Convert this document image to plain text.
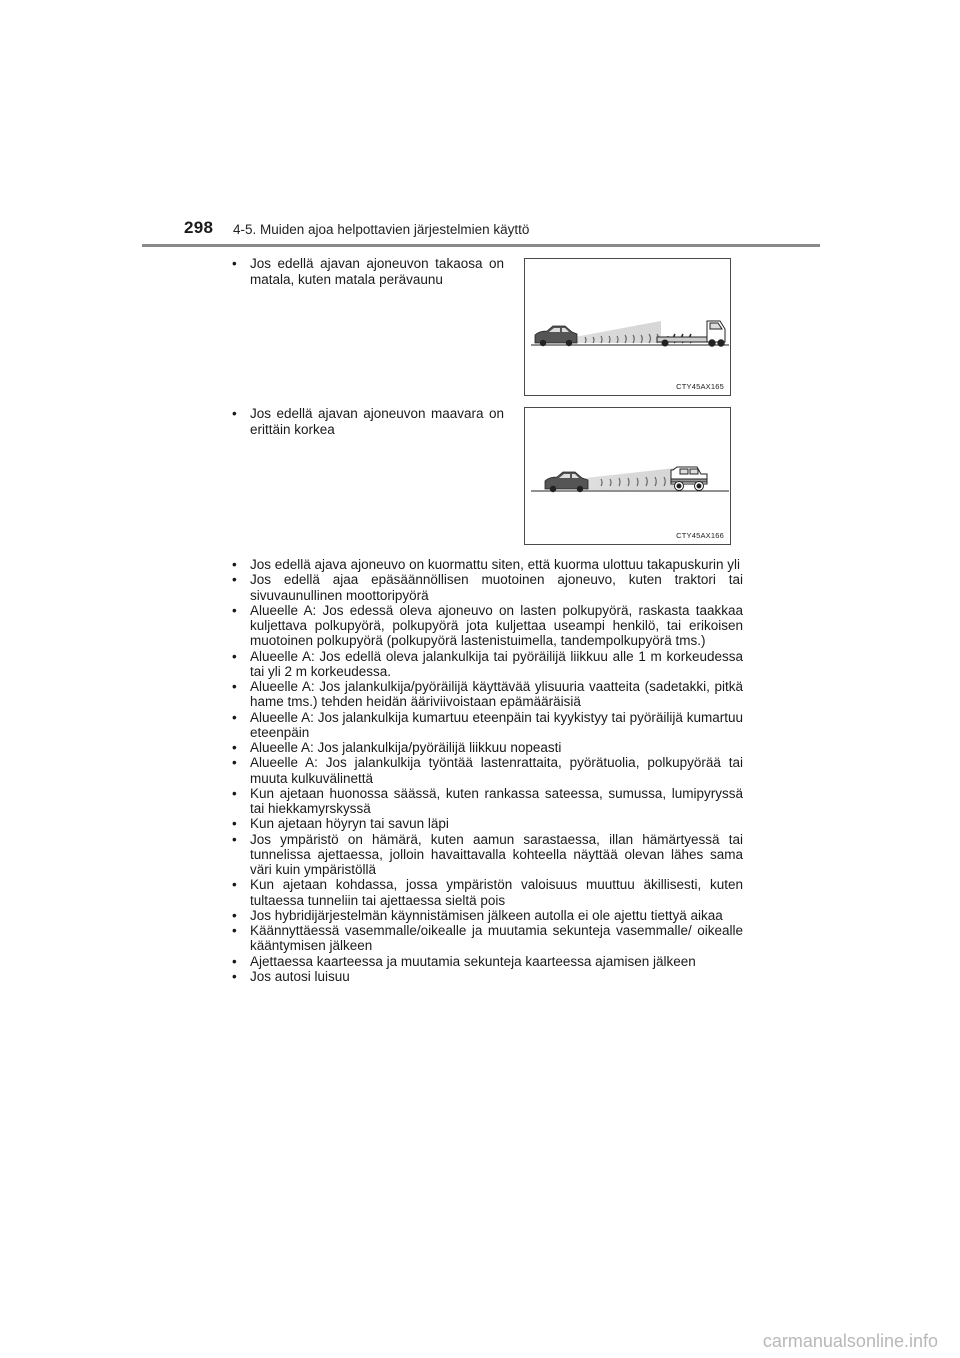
298 4-5. Muiden ajoa helpottavien järjestelmien käyttö
• Jos edellä ajavan ajoneuvon takaosa on matala, kuten matala perävaunu
CTY45AX165
• Jos edellä ajavan ajoneuvon maavara on erittäin korkea
CTY45AX166
• Jos edellä ajava ajoneuvo on kuormattu siten, että kuorma ulottuu takapuskurin yli
• Jos edellä ajaa epäsäännöllisen muotoinen ajoneuvo, kuten traktori tai sivuvaunullinen moottoripyörä
• Alueelle A: Jos edessä oleva ajoneuvo on lasten polkupyörä, raskasta taakkaa kuljettava polkupyörä, polkupyörä jota kuljettaa useampi henkilö, tai erikoisen muotoinen polkupyörä (polkupyörä lastenistuimella, tandempolkupyörä tms.)
• Alueelle A: Jos edellä oleva jalankulkija tai pyöräilijä liikkuu alle 1 m korkeudessa tai yli 2 m korkeudessa.
• Alueelle A: Jos jalankulkija/pyöräilijä käyttävää ylisuuria vaatteita (sadetakki, pitkä hame tms.) tehden heidän ääriviivoistaan epämääräisiä
• Alueelle A: Jos jalankulkija kumartuu eteenpäin tai kyykistyy tai pyöräilijä kumartuu eteenpäin
• Alueelle A: Jos jalankulkija/pyöräilijä liikkuu nopeasti
• Alueelle A: Jos jalankulkija työntää lastenrattaita, pyörätuolia, polkupyörää tai muuta kulkuvälinettä
• Kun ajetaan huonossa säässä, kuten rankassa sateessa, sumussa, lumipyryssä tai hiekkamyrskyssä
• Kun ajetaan höyryn tai savun läpi
• Jos ympäristö on hämärä, kuten aamun sarastaessa, illan hämärtyessä tai tunnelissa ajettaessa, jolloin havaittavalla kohteella näyttää olevan lähes sama väri kuin ympäristöllä
• Kun ajetaan kohdassa, jossa ympäristön valoisuus muuttuu äkillisesti, kuten tultaessa tunneliin tai ajettaessa sieltä pois
• Jos hybridijärjestelmän käynnistämisen jälkeen autolla ei ole ajettu tiettyä aikaa
• Käännyttäessä vasemmalle/oikealle ja muutamia sekunteja vasemmalle/ oikealle kääntymisen jälkeen
• Ajettaessa kaarteessa ja muutamia sekunteja kaarteessa ajamisen jälkeen
• Jos autosi luisuu
carmanualsonline.info
